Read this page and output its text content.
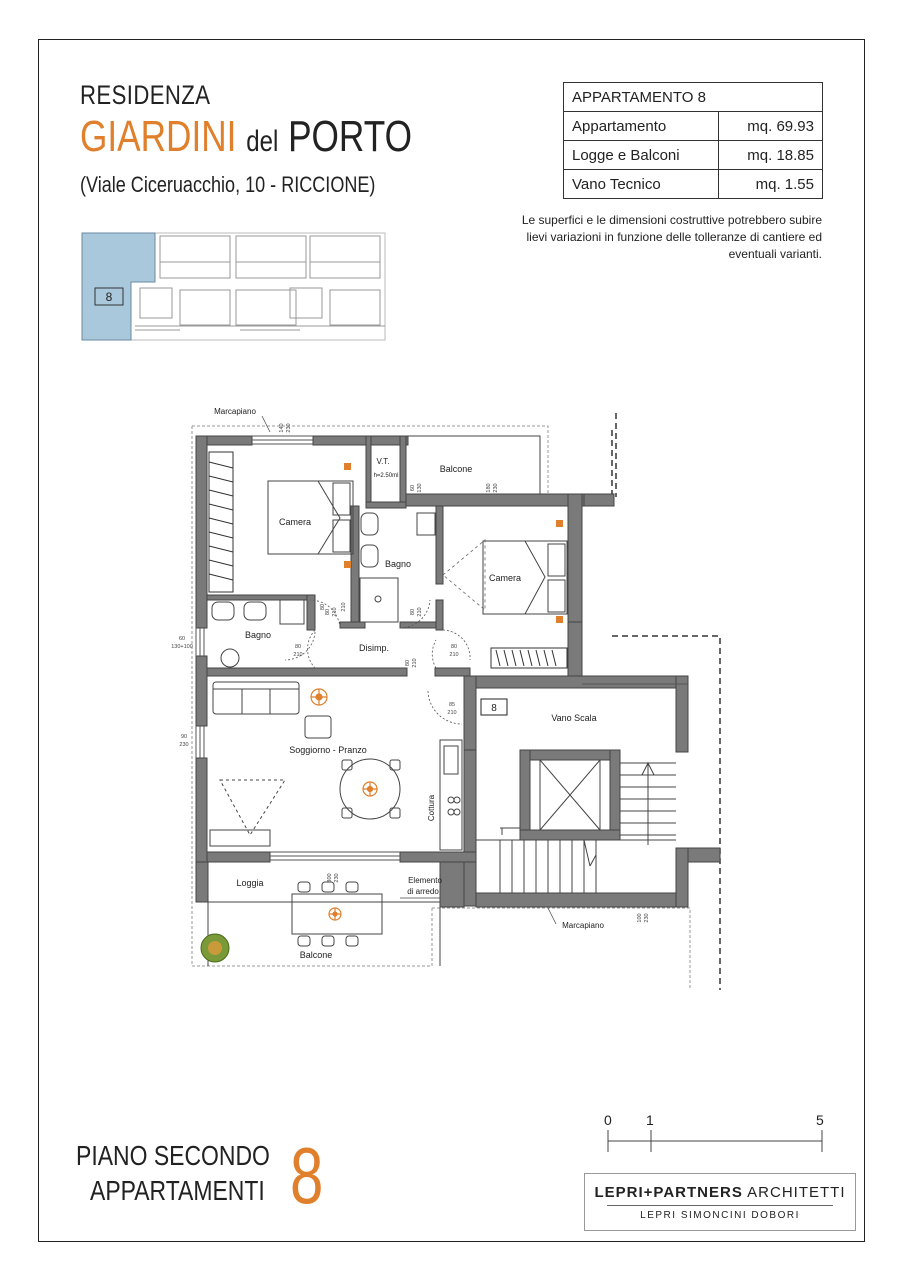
RESIDENZA
GIARDINI del PORTO
(Viale Ciceruacchio, 10 - RICCIONE)
APPARTAMENTO 8	
Appartamento	mq. 69.93
Logge e Balconi	mq. 18.85
Vano Tecnico	mq. 1.55
Le superfici e le dimensioni costruttive potrebbero subire lievi variazioni in funzione delle tolleranze di cantiere ed eventuali varianti.
8
8
Camera
Camera
Bagno
Bagno
Disimp.
Soggiorno - Pranzo
Vano Scala
Loggia
Balcone
Balcone
V.T.
h=2.50ml
Marcapiano
Marcapiano
Elemento
di arredo
Cottura
140 230
60 130	180 230
60
130+100
90
230
80 210	80 210
80
210
80 210
80
210
80	210
85
210
300 230
100 230
0 1	5
PIANO SECONDO
APPARTAMENTI 8	LEPRI+PARTNERS ARCHITETTI
LEPRI SIMONCINI DOBORI
